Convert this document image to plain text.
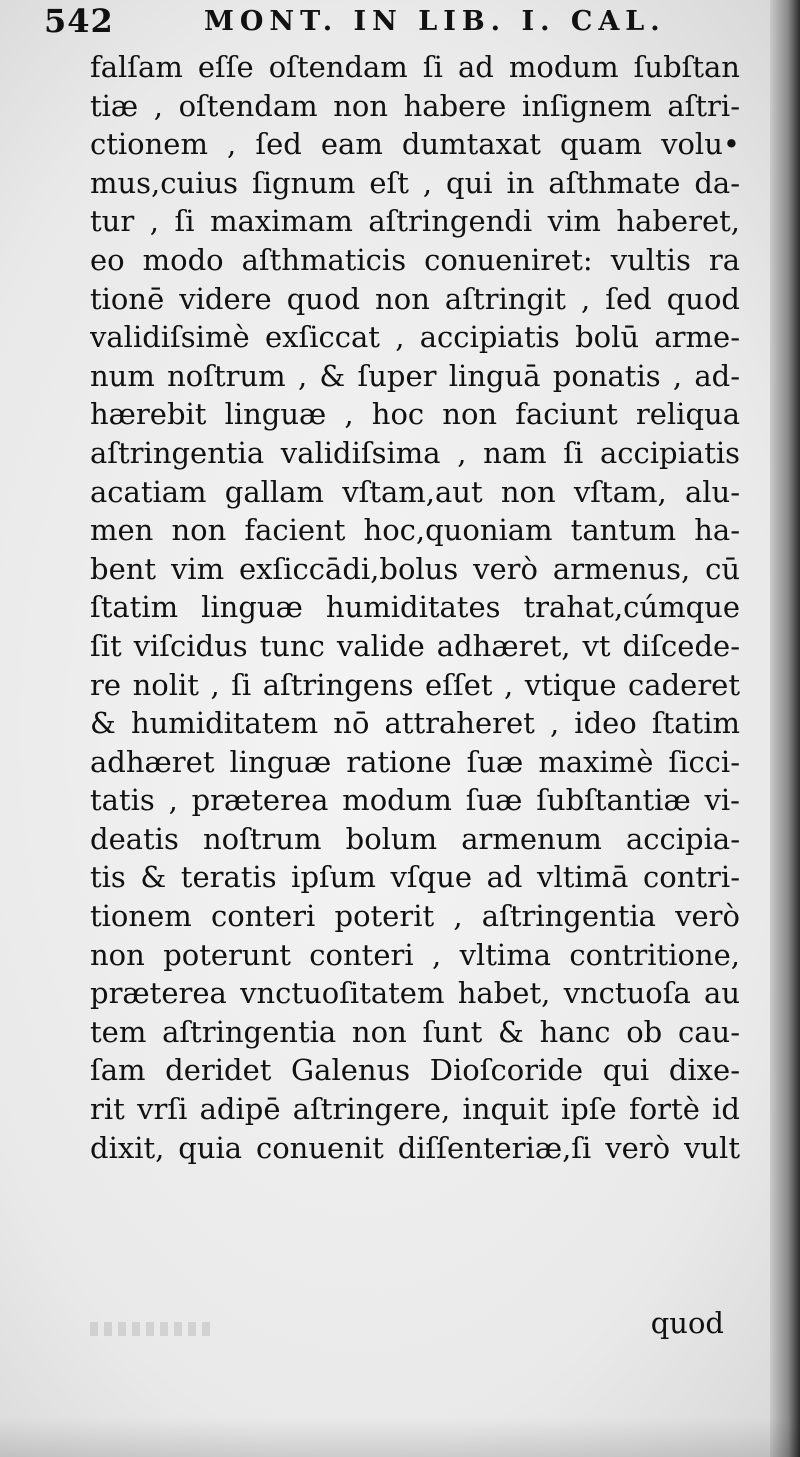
542	MONT. IN LIB. I. CAL.
falſam eſſe oſtendam ſi ad modum ſubſtan
tiæ , oſtendam non habere inſignem aſtri-
ctionem , ſed eam dumtaxat quam volu•
mus,cuius ſignum eſt , qui in aſthmate da-
tur , ſi maximam aſtringendi vim haberet,
eo modo aſthmaticis conueniret: vultis ra
tionē videre quod non aſtringit , ſed quod
validiſsimè exſiccat , accipiatis bolū arme-
num noſtrum , & ſuper linguā ponatis , ad-
hærebit linguæ , hoc non faciunt reliqua
aſtringentia validiſsima , nam ſi accipiatis
acatiam gallam vſtam,aut non vſtam, alu-
men non facient hoc,quoniam tantum ha-
bent vim exſiccādi,bolus verò armenus, cū
ſtatim linguæ humiditates trahat,cúmque
ſit viſcidus tunc valide adhæret, vt diſcede-
re nolit , ſi aſtringens eſſet , vtique caderet
& humiditatem nō attraheret , ideo ſtatim
adhæret linguæ ratione ſuæ maximè ſicci-
tatis , præterea modum ſuæ ſubſtantiæ vi-
deatis noſtrum bolum armenum accipia-
tis & teratis ipſum vſque ad vltimā contri-
tionem conteri poterit , aſtringentia verò
non poterunt conteri , vltima contritione,
præterea vnctuoſitatem habet, vnctuoſa au
tem aſtringentia non ſunt & hanc ob cau-
ſam deridet Galenus Dioſcoride qui dixe-
rit vrſi adipē aſtringere, inquit ipſe fortè id
dixit, quia conuenit diſſenteriæ,ſi verò vult
quod
